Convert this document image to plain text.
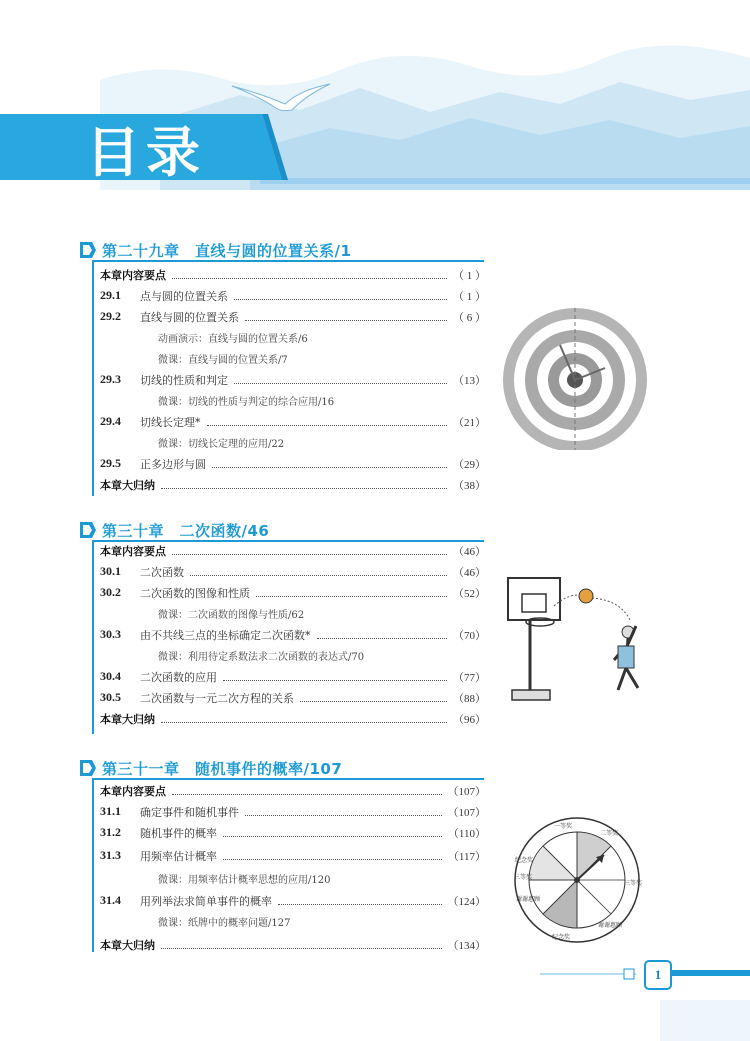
目录
第二十九章　直线与圆的位置关系/1
本章内容要点	（ 1 ）
29.1	点与圆的位置关系	（ 1 ）
29.2	直线与圆的位置关系	（ 6 ）
动画演示：直线与圆的位置关系/6
微课：直线与圆的位置关系/7
29.3	切线的性质和判定	（13）
微课：切线的性质与判定的综合应用/16
29.4	切线长定理*	（21）
微课：切线长定理的应用/22
29.5	正多边形与圆	（29）
本章大归纳	（38）
第三十章　二次函数/46
本章内容要点	（46）
30.1	二次函数	（46）
30.2	二次函数的图像和性质	（52）
微课：二次函数的图像与性质/62
30.3	由不共线三点的坐标确定二次函数*	（70）
微课：利用待定系数法求二次函数的表达式/70
30.4	二次函数的应用	（77）
30.5	二次函数与一元二次方程的关系	（88）
本章大归纳	（96）
第三十一章　随机事件的概率/107
本章内容要点	（107）
31.1	确定事件和随机事件	（107）
31.2	随机事件的概率	（110）
31.3	用频率估计概率	（117）
微课：用频率估计概率思想的应用/120
31.4	用列举法求简单事件的概率	（124）
微课：纸牌中的概率问题/127
本章大归纳	（134）
一等奖
纪念奖
二等奖
三等奖
谢谢惠顾
纪念奖
谢谢惠顾
三等奖
1
